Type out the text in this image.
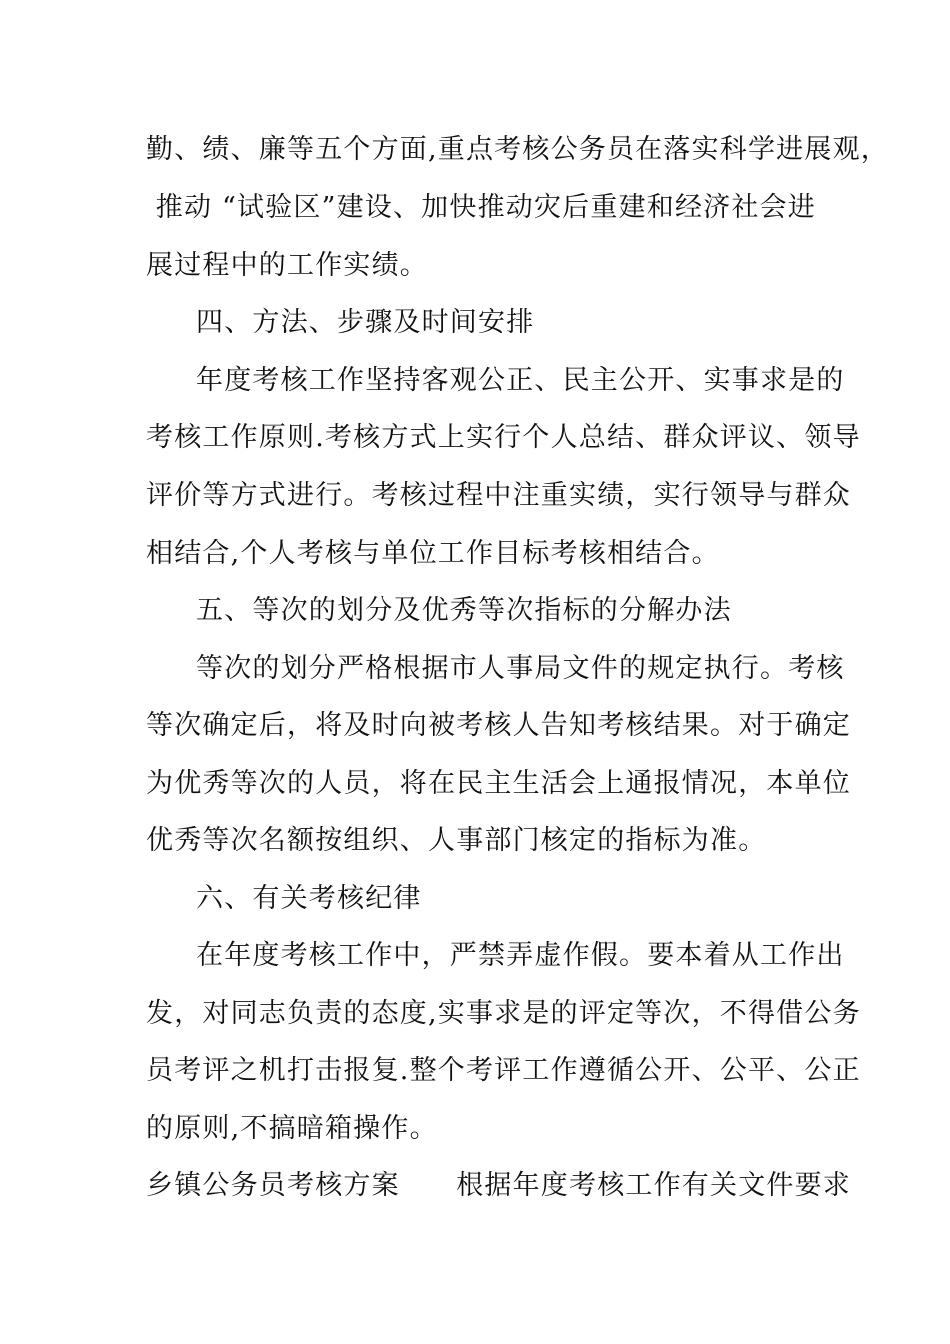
勤、绩、廉等五个方面,重点考核公务员在落实科学进展观，
推动 “试验区”建设、加快推动灾后重建和经济社会进
展过程中的工作实绩。
四、方法、步骤及时间安排
年度考核工作坚持客观公正、民主公开、实事求是的
考核工作原则.考核方式上实行个人总结、群众评议、领导
评价等方式进行。考核过程中注重实绩，实行领导与群众
相结合,个人考核与单位工作目标考核相结合。
五、等次的划分及优秀等次指标的分解办法
等次的划分严格根据市人事局文件的规定执行。考核
等次确定后，将及时向被考核人告知考核结果。对于确定
为优秀等次的人员，将在民主生活会上通报情况，本单位
优秀等次名额按组织、人事部门核定的指标为准。
六、有关考核纪律
在年度考核工作中，严禁弄虚作假。要本着从工作出
发，对同志负责的态度,实事求是的评定等次，不得借公务
员考评之机打击报复.整个考评工作遵循公开、公平、公正
的原则,不搞暗箱操作。
乡镇公务员考核方案　　根据年度考核工作有关文件要求
